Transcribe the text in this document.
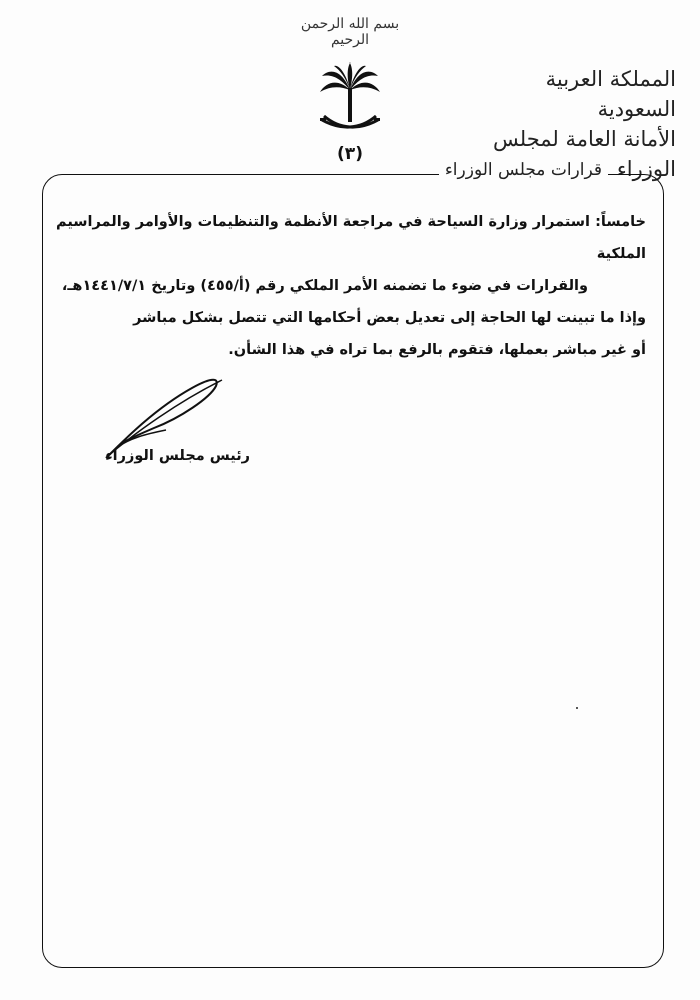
بسم الله الرحمن الرحيم
(٣)
المملكة العربية السعودية
الأمانة العامة لمجلس الوزراء
قرارات مجلس الوزراء

خامساً: استمرار وزارة السياحة في مراجعة الأنظمة والتنظيمات والأوامر والمراسيم الملكية

والقرارات في ضوء ما تضمنه الأمر الملكي رقم (أ/٤٥٥) وتاريخ ١٤٤١/٧/١هـ،

وإذا ما تبينت لها الحاجة إلى تعديل بعض أحكامها التي تتصل بشكل مباشر

أو غير مباشر بعملها، فتقوم بالرفع بما تراه في هذا الشأن.

رئيس مجلس الوزراء
